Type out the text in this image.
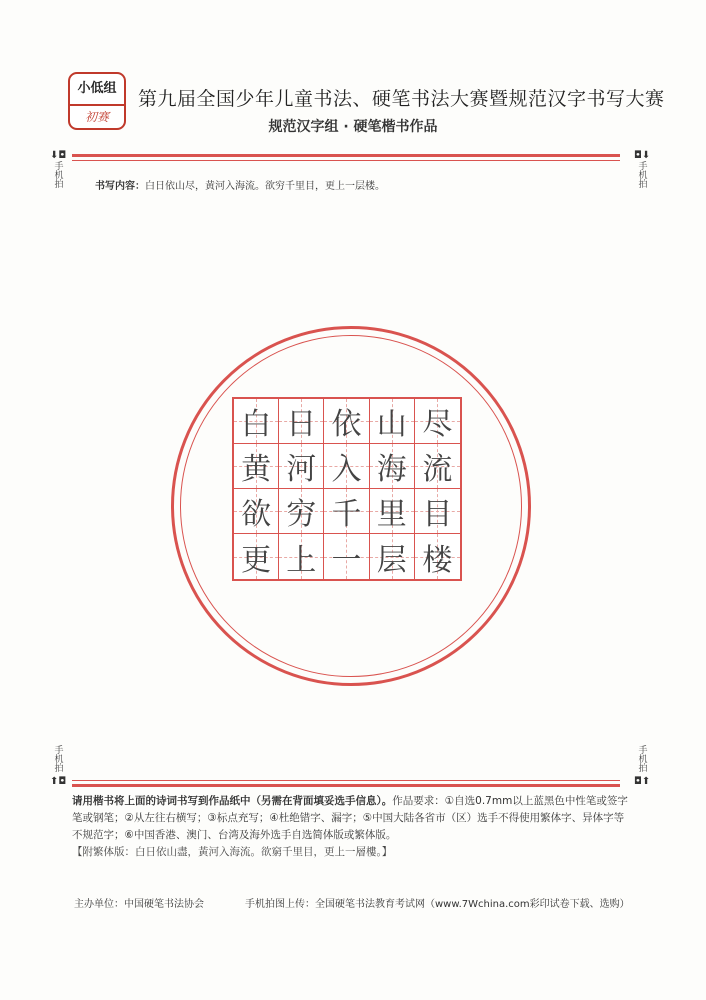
小低组
初赛
第九届全国少年儿童书法、硬笔书法大赛暨规范汉字书写大赛
规范汉字组 · 硬笔楷书作品
⬇◘
手机拍
◘⬇
手机拍
书写内容：白日依山尽，黄河入海流。欲穷千里目，更上一层楼。
白 日 依 山 尽
黄 河 入 海 流
欲 穷 千 里 目
更 上 一 层 楼
手机拍
⬆◘
手机拍
◘⬆
请用楷书将上面的诗词书写到作品纸中（另需在背面填妥选手信息）。作品要求：①自选0.7mm以上蓝黑色中性笔或签字笔或钢笔；②从左往右横写；③标点充写；④杜绝错字、漏字；⑤中国大陆各省市（区）选手不得使用繁体字、异体字等不规范字；⑥中国香港、澳门、台湾及海外选手自选简体版或繁体版。
【附繁体版：白日依山盡，黃河入海流。欲窮千里目，更上一層樓。】
主办单位：中国硬笔书法协会	手机拍图上传：全国硬笔书法教育考试网（www.7Wchina.com彩印试卷下载、选购）
